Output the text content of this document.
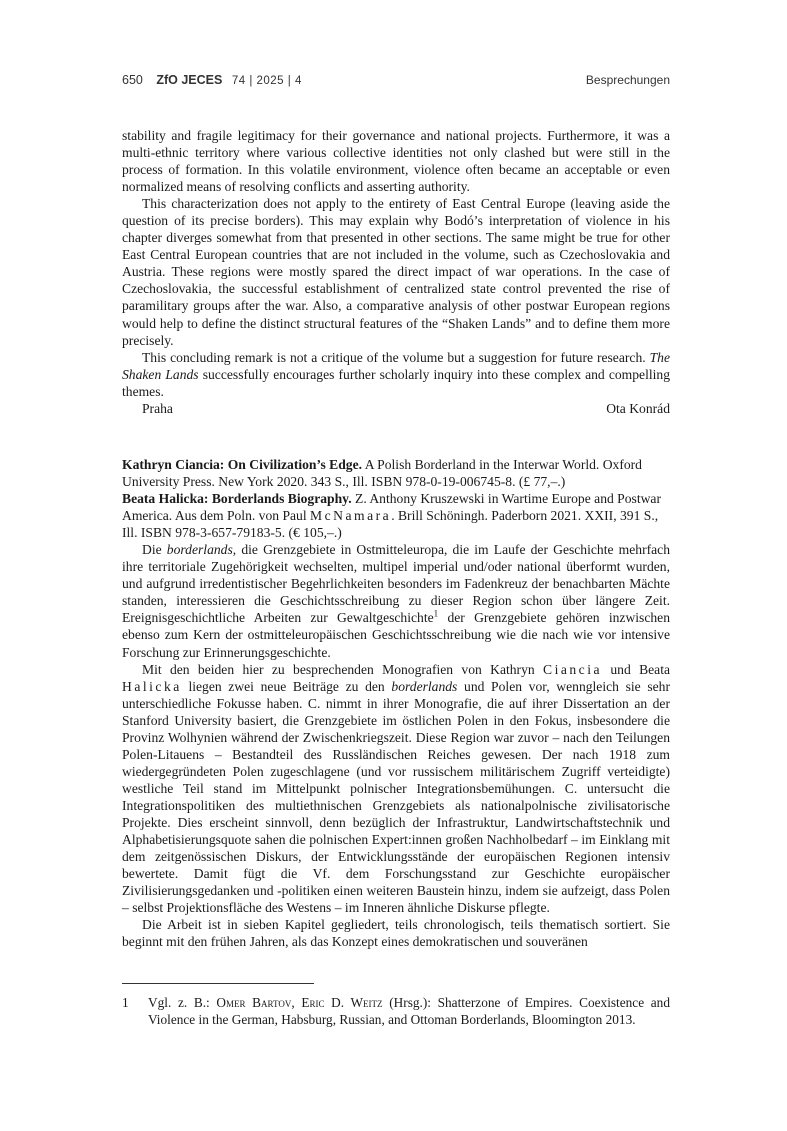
650 ZfO JECES 74 | 2025 | 4	Besprechungen

stability and fragile legitimacy for their governance and national projects. Furthermore, it was a multi-ethnic territory where various collective identities not only clashed but were still in the process of formation. In this volatile environment, violence often became an acceptable or even normalized means of resolving conflicts and asserting authority.

This characterization does not apply to the entirety of East Central Europe (leaving aside the question of its precise borders). This may explain why Bodó’s interpretation of violence in his chapter diverges somewhat from that presented in other sections. The same might be true for other East Central European countries that are not included in the volume, such as Czechoslovakia and Austria. These regions were mostly spared the direct impact of war operations. In the case of Czechoslovakia, the successful establishment of centralized state control prevented the rise of paramilitary groups after the war. Also, a comparative analysis of other postwar European regions would help to define the distinct structural features of the “Shaken Lands” and to define them more precisely.

This concluding remark is not a critique of the volume but a suggestion for future research. The Shaken Lands successfully encourages further scholarly inquiry into these complex and compelling themes.

Praha	Ota Konrád

Kathryn Ciancia: On Civilization’s Edge. A Polish Borderland in the Interwar World. Oxford University Press. New York 2020. 343 S., Ill. ISBN 978-0-19-006745-8. (£ 77,–.)

Beata Halicka: Borderlands Biography. Z. Anthony Kruszewski in Wartime Europe and Postwar America. Aus dem Poln. von Paul McNamara. Brill Schöningh. Paderborn 2021. XXII, 391 S., Ill. ISBN 978-3-657-79183-5. (€ 105,–.)

Die borderlands, die Grenzgebiete in Ostmitteleuropa, die im Laufe der Geschichte mehrfach ihre territoriale Zugehörigkeit wechselten, multipel imperial und/oder national überformt wurden, und aufgrund irredentistischer Begehrlichkeiten besonders im Fadenkreuz der benachbarten Mächte standen, interessieren die Geschichtsschreibung zu dieser Region schon über längere Zeit. Ereignisgeschichtliche Arbeiten zur Gewaltgeschichte$^1$ der Grenzgebiete gehören inzwischen ebenso zum Kern der ostmitteleuropäischen Geschichtsschreibung wie die nach wie vor intensive Forschung zur Erinnerungsgeschichte.

Mit den beiden hier zu besprechenden Monografien von Kathryn Ciancia und Beata Halicka liegen zwei neue Beiträge zu den borderlands und Polen vor, wenngleich sie sehr unterschiedliche Fokusse haben. C. nimmt in ihrer Monografie, die auf ihrer Dissertation an der Stanford University basiert, die Grenzgebiete im östlichen Polen in den Fokus, insbesondere die Provinz Wolhynien während der Zwischenkriegszeit. Diese Region war zuvor – nach den Teilungen Polen-Litauens – Bestandteil des Russländischen Reiches gewesen. Der nach 1918 zum wiedergegründeten Polen zugeschlagene (und vor russischem militärischem Zugriff verteidigte) westliche Teil stand im Mittelpunkt polnischer Integrationsbemühungen. C. untersucht die Integrationspolitiken des multiethnischen Grenzgebiets als nationalpolnische zivilisatorische Projekte. Dies erscheint sinnvoll, denn bezüglich der Infrastruktur, Landwirtschaftstechnik und Alphabetisierungsquote sahen die polnischen Expert:innen großen Nachholbedarf – im Einklang mit dem zeitgenössischen Diskurs, der Entwicklungsstände der europäischen Regionen intensiv bewertete. Damit fügt die Vf. dem Forschungsstand zur Geschichte europäischer Zivilisierungsgedanken und -politiken einen weiteren Baustein hinzu, indem sie aufzeigt, dass Polen – selbst Projektionsfläche des Westens – im Inneren ähnliche Diskurse pflegte.

Die Arbeit ist in sieben Kapitel gegliedert, teils chronologisch, teils thematisch sortiert. Sie beginnt mit den frühen Jahren, als das Konzept eines demokratischen und souveränen

1 Vgl. z. B.: Omer Bartov, Eric D. Weitz (Hrsg.): Shatterzone of Empires. Coexistence and Violence in the German, Habsburg, Russian, and Ottoman Borderlands, Bloomington 2013.
